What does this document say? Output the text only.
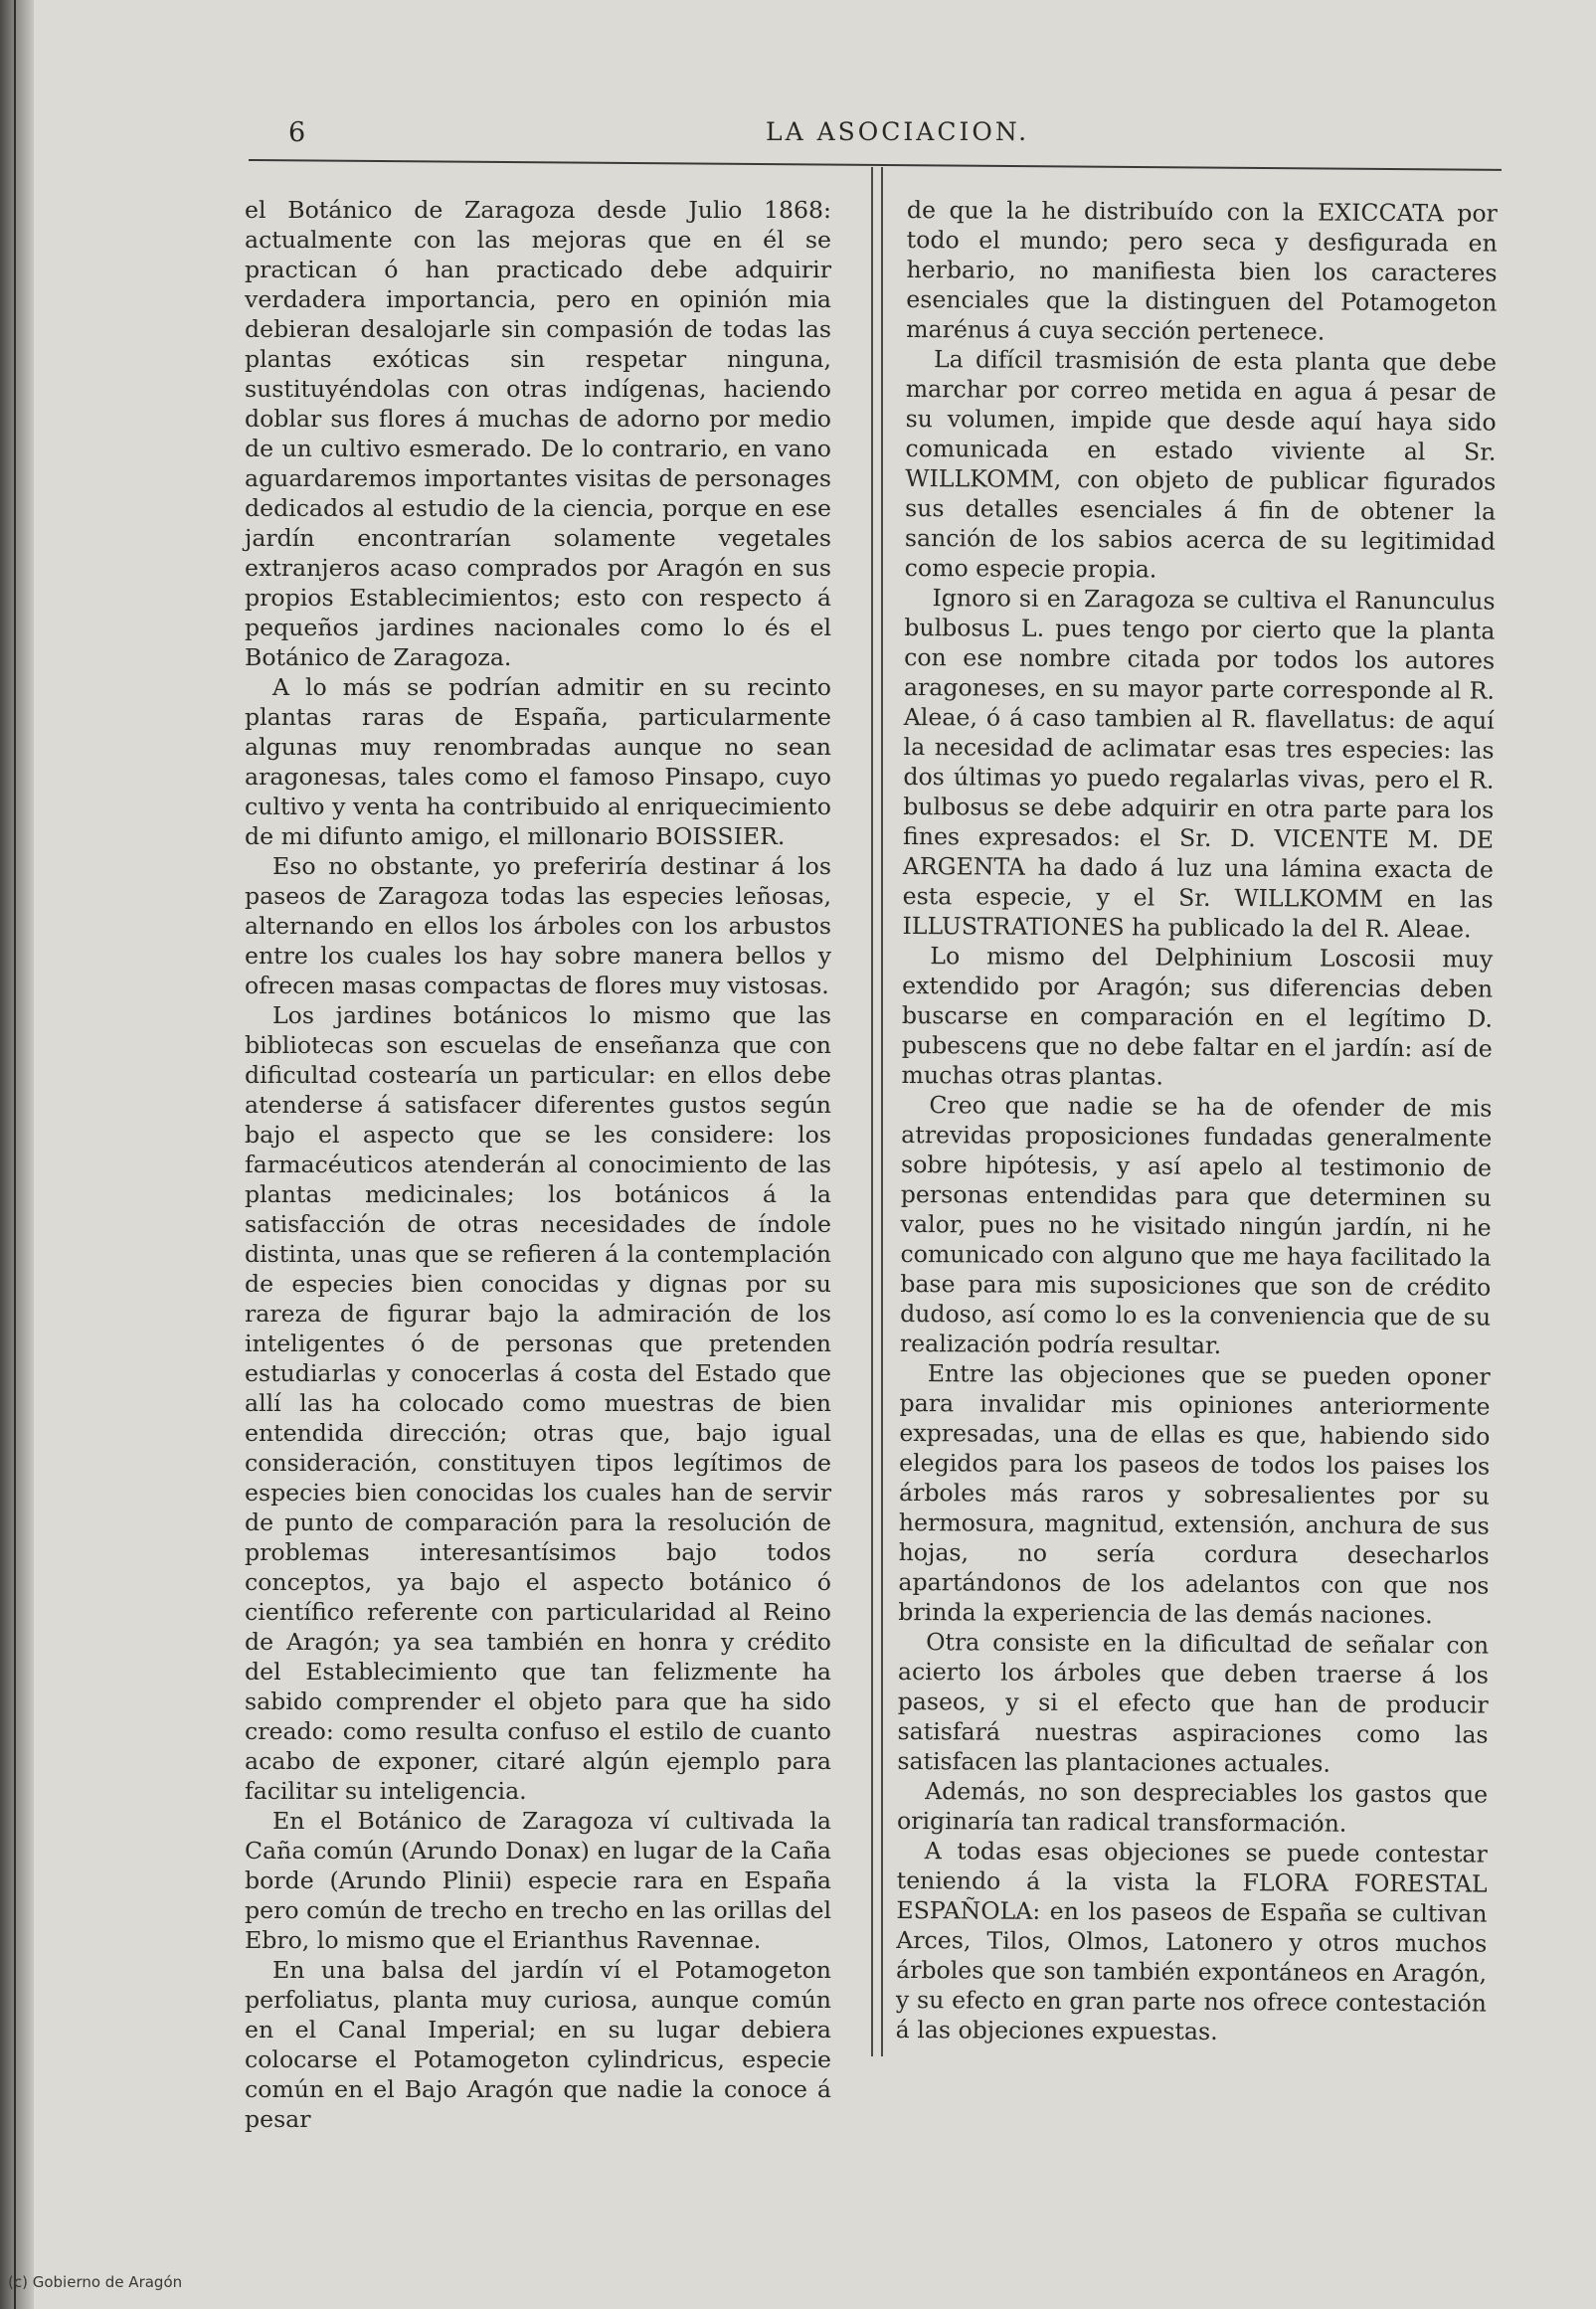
6	LA ASOCIACION.

el Botánico de Zaragoza desde Julio 1868: actualmente con las mejoras que en él se practican ó han practicado debe adquirir verdadera importancia, pero en opinión mia debieran desalojarle sin compasión de todas las plantas exóticas sin respetar ninguna, sustituyéndolas con otras indígenas, haciendo doblar sus flores á muchas de adorno por medio de un cultivo esmerado. De lo contrario, en vano aguardaremos importantes visitas de personages dedicados al estudio de la ciencia, porque en ese jardín encontrarían solamente vegetales extranjeros acaso comprados por Aragón en sus propios Establecimientos; esto con respecto á pequeños jardines nacionales como lo és el Botánico de Zaragoza.

A lo más se podrían admitir en su recinto plantas raras de España, particularmente algunas muy renombradas aunque no sean aragonesas, tales como el famoso Pinsapo, cuyo cultivo y venta ha contribuido al enriquecimiento de mi difunto amigo, el millonario BOISSIER.

Eso no obstante, yo preferiría destinar á los paseos de Zaragoza todas las especies leñosas, alternando en ellos los árboles con los arbustos entre los cuales los hay sobre manera bellos y ofrecen masas compactas de flores muy vistosas.

Los jardines botánicos lo mismo que las bibliotecas son escuelas de enseñanza que con dificultad costearía un particular: en ellos debe atenderse á satisfacer diferentes gustos según bajo el aspecto que se les considere: los farmacéuticos atenderán al conocimiento de las plantas medicinales; los botánicos á la satisfacción de otras necesidades de índole distinta, unas que se refieren á la contemplación de especies bien conocidas y dignas por su rareza de figurar bajo la admiración de los inteligentes ó de personas que pretenden estudiarlas y conocerlas á costa del Estado que allí las ha colocado como muestras de bien entendida dirección; otras que, bajo igual consideración, constituyen tipos legítimos de especies bien conocidas los cuales han de servir de punto de comparación para la resolución de problemas interesantísimos bajo todos conceptos, ya bajo el aspecto botánico ó científico referente con particularidad al Reino de Aragón; ya sea también en honra y crédito del Establecimiento que tan felizmente ha sabido comprender el objeto para que ha sido creado: como resulta confuso el estilo de cuanto acabo de exponer, citaré algún ejemplo para facilitar su inteligencia.

En el Botánico de Zaragoza ví cultivada la Caña común (Arundo Donax) en lugar de la Caña borde (Arundo Plinii) especie rara en España pero común de trecho en trecho en las orillas del Ebro, lo mismo que el Erianthus Ravennae.

En una balsa del jardín ví el Potamogeton perfoliatus, planta muy curiosa, aunque común en el Canal Imperial; en su lugar debiera colocarse el Potamogeton cylindricus, especie común en el Bajo Aragón que nadie la conoce á pesar

de que la he distribuído con la EXICCATA por todo el mundo; pero seca y desfigurada en herbario, no manifiesta bien los caracteres esenciales que la distinguen del Potamogeton marénus á cuya sección pertenece.

La difícil trasmisión de esta planta que debe marchar por correo metida en agua á pesar de su volumen, impide que desde aquí haya sido comunicada en estado viviente al Sr. WILLKOMM, con objeto de publicar figurados sus detalles esenciales á fin de obtener la sanción de los sabios acerca de su legitimidad como especie propia.

Ignoro si en Zaragoza se cultiva el Ranunculus bulbosus L. pues tengo por cierto que la planta con ese nombre citada por todos los autores aragoneses, en su mayor parte corresponde al R. Aleae, ó á caso tambien al R. flavellatus: de aquí la necesidad de aclimatar esas tres especies: las dos últimas yo puedo regalarlas vivas, pero el R. bulbosus se debe adquirir en otra parte para los fines expresados: el Sr. D. VICENTE M. DE ARGENTA ha dado á luz una lámina exacta de esta especie, y el Sr. WILLKOMM en las ILLUSTRATIONES ha publicado la del R. Aleae.

Lo mismo del Delphinium Loscosii muy extendido por Aragón; sus diferencias deben buscarse en comparación en el legítimo D. pubescens que no debe faltar en el jardín: así de muchas otras plantas.

Creo que nadie se ha de ofender de mis atrevidas proposiciones fundadas generalmente sobre hipótesis, y así apelo al testimonio de personas entendidas para que determinen su valor, pues no he visitado ningún jardín, ni he comunicado con alguno que me haya facilitado la base para mis suposiciones que son de crédito dudoso, así como lo es la conveniencia que de su realización podría resultar.

Entre las objeciones que se pueden oponer para invalidar mis opiniones anteriormente expresadas, una de ellas es que, habiendo sido elegidos para los paseos de todos los paises los árboles más raros y sobresalientes por su hermosura, magnitud, extensión, anchura de sus hojas, no sería cordura desecharlos apartándonos de los adelantos con que nos brinda la experiencia de las demás naciones.

Otra consiste en la dificultad de señalar con acierto los árboles que deben traerse á los paseos, y si el efecto que han de producir satisfará nuestras aspiraciones como las satisfacen las plantaciones actuales.

Además, no son despreciables los gastos que originaría tan radical transformación.

A todas esas objeciones se puede contestar teniendo á la vista la FLORA FORESTAL ESPAÑOLA: en los paseos de España se cultivan Arces, Tilos, Olmos, Latonero y otros muchos árboles que son también expontáneos en Aragón, y su efecto en gran parte nos ofrece contestación á las objeciones expuestas.

(c) Gobierno de Aragón
